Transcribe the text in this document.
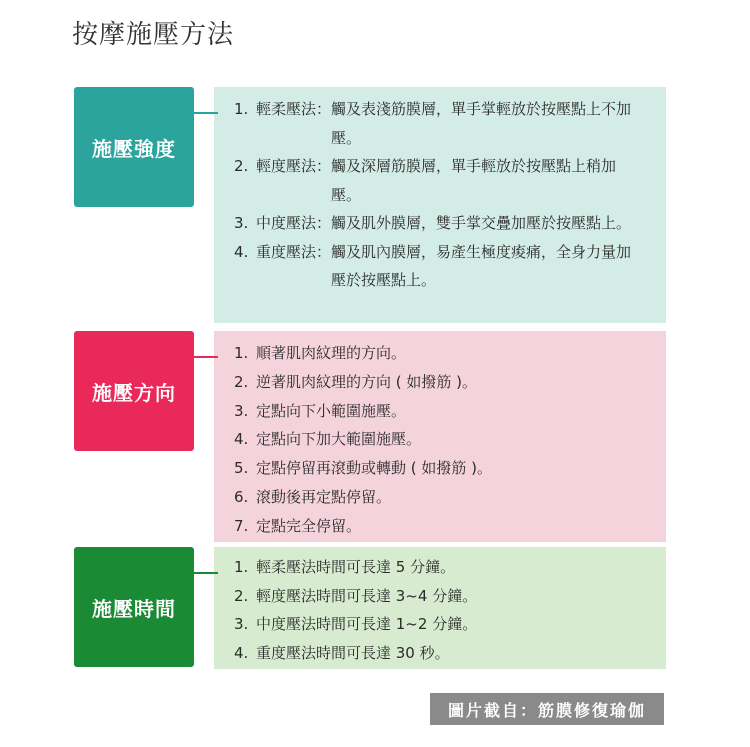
按摩施壓方法
施壓強度
1. 輕柔壓法： 觸及表淺筋膜層，單手掌輕放於按壓點上不加壓。
2. 輕度壓法： 觸及深層筋膜層，單手輕放於按壓點上稍加壓。
3. 中度壓法： 觸及肌外膜層，雙手掌交疊加壓於按壓點上。
4. 重度壓法： 觸及肌內膜層，易產生極度痠痛，全身力量加壓於按壓點上。
施壓方向
1. 順著肌肉紋理的方向。
2. 逆著肌肉紋理的方向 ( 如撥筋 )。
3. 定點向下小範圍施壓。
4. 定點向下加大範圍施壓。
5. 定點停留再滾動或轉動 ( 如撥筋 )。
6. 滾動後再定點停留。
7. 定點完全停留。
施壓時間
1. 輕柔壓法時間可長達 5 分鐘。
2. 輕度壓法時間可長達 3~4 分鐘。
3. 中度壓法時間可長達 1~2 分鐘。
4. 重度壓法時間可長達 30 秒。
圖片截自：筋膜修復瑜伽
